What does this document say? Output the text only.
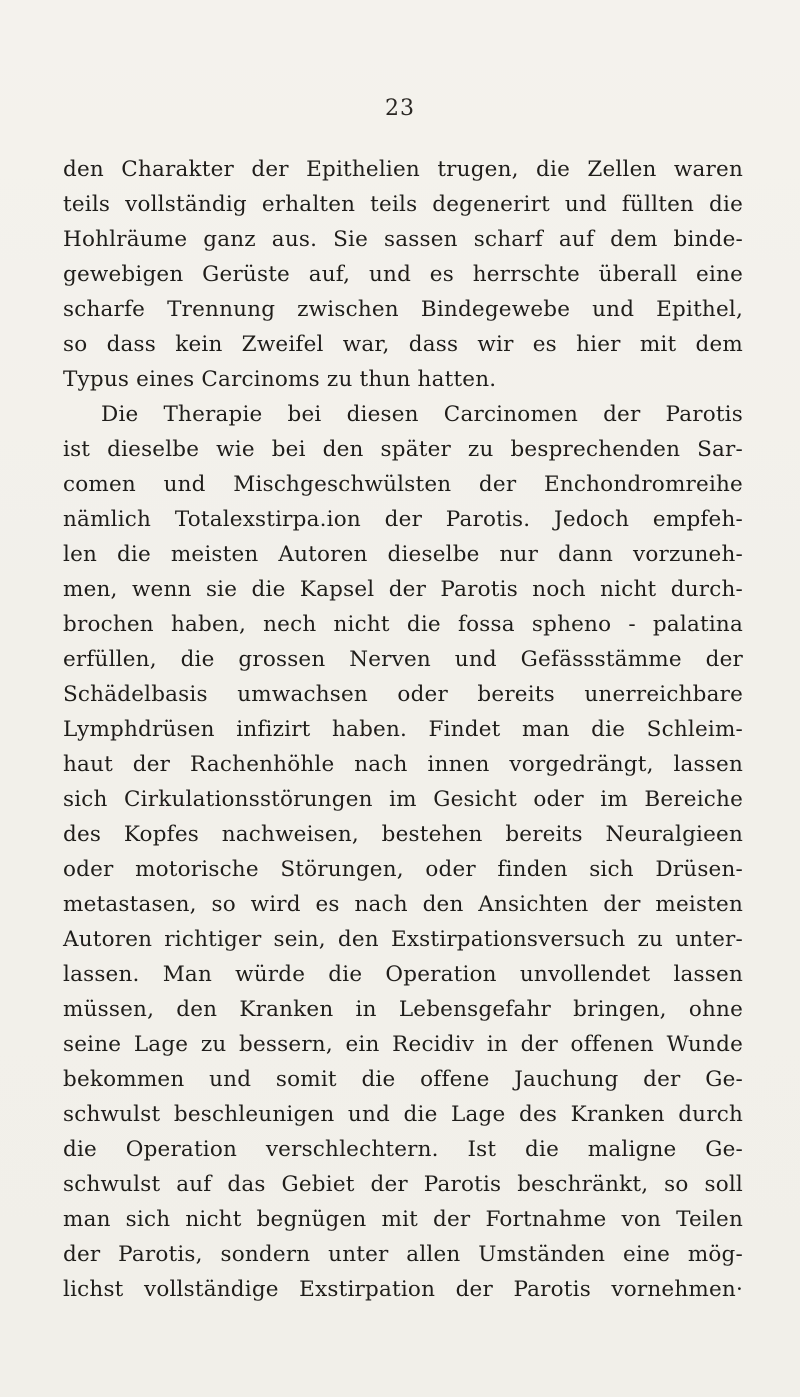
23
den Charakter der Epithelien trugen, die Zellen waren
teils vollständig erhalten teils degenerirt und füllten die
Hohlräume ganz aus. Sie sassen scharf auf dem binde-
gewebigen Gerüste auf, und es herrschte überall eine
scharfe Trennung zwischen Bindegewebe und Epithel,
so dass kein Zweifel war, dass wir es hier mit dem
Typus eines Carcinoms zu thun hatten.
Die Therapie bei diesen Carcinomen der Parotis
ist dieselbe wie bei den später zu besprechenden Sar-
comen und Mischgeschwülsten der Enchondromreihe
nämlich Totalexstirpa.ion der Parotis. Jedoch empfeh-
len die meisten Autoren dieselbe nur dann vorzuneh-
men, wenn sie die Kapsel der Parotis noch nicht durch-
brochen haben, nech nicht die fossa spheno - palatina
erfüllen, die grossen Nerven und Gefässstämme der
Schädelbasis umwachsen oder bereits unerreichbare
Lymphdrüsen infizirt haben. Findet man die Schleim-
haut der Rachenhöhle nach innen vorgedrängt, lassen
sich Cirkulationsstörungen im Gesicht oder im Bereiche
des Kopfes nachweisen, bestehen bereits Neuralgieen
oder motorische Störungen, oder finden sich Drüsen-
metastasen, so wird es nach den Ansichten der meisten
Autoren richtiger sein, den Exstirpationsversuch zu unter-
lassen. Man würde die Operation unvollendet lassen
müssen, den Kranken in Lebensgefahr bringen, ohne
seine Lage zu bessern, ein Recidiv in der offenen Wunde
bekommen und somit die offene Jauchung der Ge-
schwulst beschleunigen und die Lage des Kranken durch
die Operation verschlechtern. Ist die maligne Ge-
schwulst auf das Gebiet der Parotis beschränkt, so soll
man sich nicht begnügen mit der Fortnahme von Teilen
der Parotis, sondern unter allen Umständen eine mög-
lichst vollständige Exstirpation der Parotis vornehmen·
